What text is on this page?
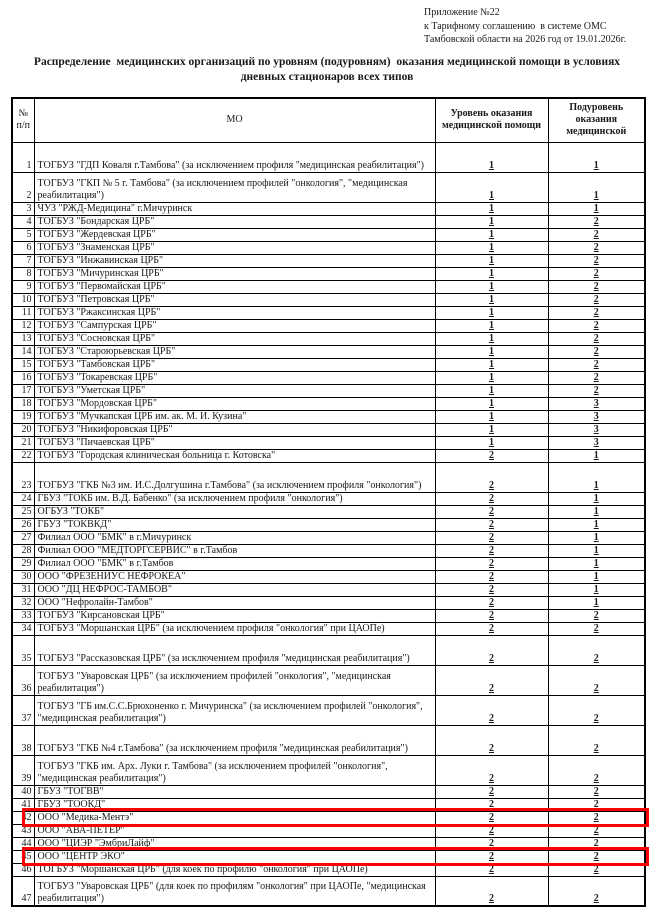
Приложение №22
к Тарифному соглашению  в системе ОМС
Тамбовской области на 2026 год от 19.01.2026г.
Распределение  медицинских организаций по уровням (подуровням)  оказания медицинской помощи в условиях
дневных стационаров всех типов
№ п/п	МО	Уровень оказания медицинской помощи	Подуровень оказания медицинской
1	ТОГБУЗ "ГДП Коваля г.Тамбова" (за исключением профиля "медицинская реабилитация")	1	1
2	ТОГБУЗ "ГКП № 5 г. Тамбова" (за исключением профилей "онкология", "медицинская реабилитация")	1	1
3	ЧУЗ "РЖД-Медицина" г.Мичуринск	1	1
4	ТОГБУЗ "Бондарская ЦРБ"	1	2
5	ТОГБУЗ "Жердевская ЦРБ"	1	2
6	ТОГБУЗ "Знаменская ЦРБ"	1	2
7	ТОГБУЗ "Инжавинская ЦРБ"	1	2
8	ТОГБУЗ "Мичуринская ЦРБ"	1	2
9	ТОГБУЗ "Первомайская ЦРБ"	1	2
10	ТОГБУЗ "Петровская ЦРБ"	1	2
11	ТОГБУЗ "Ржаксинская ЦРБ"	1	2
12	ТОГБУЗ "Сампурская ЦРБ"	1	2
13	ТОГБУЗ "Сосновская ЦРБ"	1	2
14	ТОГБУЗ "Староюрьевская ЦРБ"	1	2
15	ТОГБУЗ "Тамбовская ЦРБ"	1	2
16	ТОГБУЗ "Токаревская ЦРБ"	1	2
17	ТОГБУЗ "Уметская ЦРБ"	1	2
18	ТОГБУЗ "Мордовская ЦРБ"	1	3
19	ТОГБУЗ "Мучкапская ЦРБ им. ак. М. И. Кузина"	1	3
20	ТОГБУЗ "Никифоровская ЦРБ"	1	3
21	ТОГБУЗ "Пичаевская ЦРБ"	1	3
22	ТОГБУЗ "Городская клиническая больница г. Котовска"	2	1
23	ТОГБУЗ "ГКБ №3 им. И.С.Долгушина г.Тамбова" (за исключением профиля "онкология")	2	1
24	ГБУЗ "ТОКБ им. В.Д. Бабенко" (за исключением профиля "онкология")	2	1
25	ОГБУЗ "ТОКБ"	2	1
26	ГБУЗ "ТОКВКД"	2	1
27	Филиал ООО "БМК" в г.Мичуринск	2	1
28	Филиал ООО "МЕДТОРГСЕРВИС" в г.Тамбов	2	1
29	Филиал ООО "БМК" в г.Тамбов	2	1
30	ООО "ФРЕЗЕНИУС НЕФРОКЕА"	2	1
31	ООО "ДЦ НЕФРОС-ТАМБОВ"	2	1
32	ООО "Нефролайн-Тамбов"	2	1
33	ТОГБУЗ "Кирсановская ЦРБ"	2	2
34	ТОГБУЗ "Моршанская ЦРБ" (за исключением профиля "онкология" при ЦАОПе)	2	2
35	ТОГБУЗ "Рассказовская ЦРБ" (за исключением профиля "медицинская реабилитация")	2	2
36	ТОГБУЗ "Уваровская ЦРБ" (за исключением профилей "онкология", "медицинская реабилитация")	2	2
37	ТОГБУЗ "ГБ им.С.С.Брюхоненко г. Мичуринска" (за исключением профилей "онкология", "медицинская реабилитация")	2	2
38	ТОГБУЗ "ГКБ №4 г.Тамбова" (за исключением профиля "медицинская реабилитация")	2	2
39	ТОГБУЗ "ГКБ им. Арх. Луки г. Тамбова" (за исключением профилей "онкология", "медицинская реабилитация")	2	2
40	ГБУЗ "ТОГВВ"	2	2
41	ГБУЗ "ТООКД"	2	2
42	ООО "Медика-Ментэ"	2	2
43	ООО "АВА-ПЕТЕР"	2	2
44	ООО "ЦИЭР "ЭмбриЛайф"	2	2
45	ООО "ЦЕНТР ЭКО"	2	2
46	ТОГБУЗ "Моршанская ЦРБ" (для коек по профилю "онкология" при ЦАОПе)	2	2
47	ТОГБУЗ "Уваровская ЦРБ" (для коек по профилям "онкология" при ЦАОПе, "медицинская реабилитация")	2	2
